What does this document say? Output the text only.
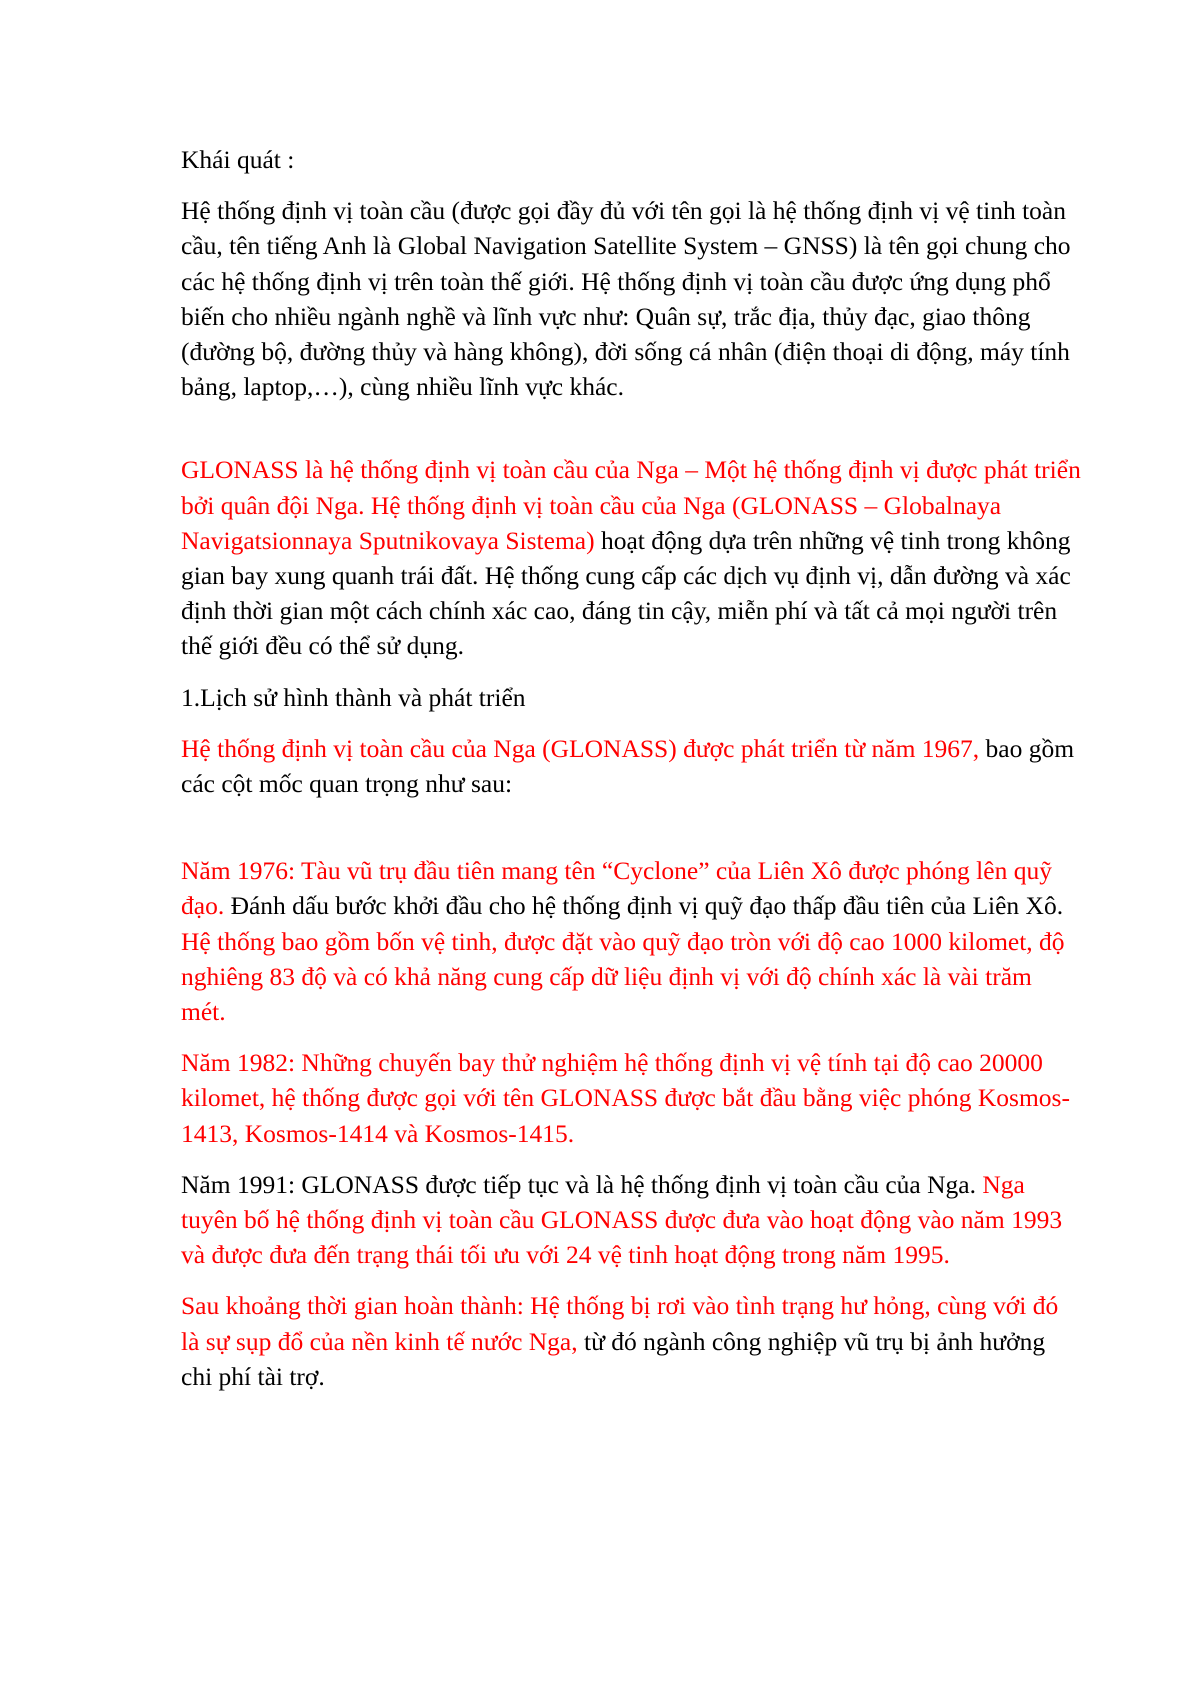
Khái quát :

Hệ thống định vị toàn cầu (được gọi đầy đủ với tên gọi là hệ thống định vị vệ tinh toàn cầu, tên tiếng Anh là Global Navigation Satellite System – GNSS) là tên gọi chung cho các hệ thống định vị trên toàn thế giới. Hệ thống định vị toàn cầu được ứng dụng phổ biến cho nhiều ngành nghề và lĩnh vực như: Quân sự, trắc địa, thủy đạc, giao thông (đường bộ, đường thủy và hàng không), đời sống cá nhân (điện thoại di động, máy tính bảng, laptop,…), cùng nhiều lĩnh vực khác.

GLONASS là hệ thống định vị toàn cầu của Nga – Một hệ thống định vị được phát triển bởi quân đội Nga. Hệ thống định vị toàn cầu của Nga (GLONASS – Globalnaya Navigatsionnaya Sputnikovaya Sistema) hoạt động dựa trên những vệ tinh trong không gian bay xung quanh trái đất. Hệ thống cung cấp các dịch vụ định vị, dẫn đường và xác định thời gian một cách chính xác cao, đáng tin cậy, miễn phí và tất cả mọi người trên thế giới đều có thể sử dụng.

1.Lịch sử hình thành và phát triển

Hệ thống định vị toàn cầu của Nga (GLONASS) được phát triển từ năm 1967, bao gồm các cột mốc quan trọng như sau:

Năm 1976: Tàu vũ trụ đầu tiên mang tên “Cyclone” của Liên Xô được phóng lên quỹ đạo. Đánh dấu bước khởi đầu cho hệ thống định vị quỹ đạo thấp đầu tiên của Liên Xô. Hệ thống bao gồm bốn vệ tinh, được đặt vào quỹ đạo tròn với độ cao 1000 kilomet, độ nghiêng 83 độ và có khả năng cung cấp dữ liệu định vị với độ chính xác là vài trăm mét.

Năm 1982: Những chuyến bay thử nghiệm hệ thống định vị vệ tính tại độ cao 20000 kilomet, hệ thống được gọi với tên GLONASS được bắt đầu bằng việc phóng Kosmos-1413, Kosmos-1414 và Kosmos-1415.

Năm 1991: GLONASS được tiếp tục và là hệ thống định vị toàn cầu của Nga. Nga tuyên bố hệ thống định vị toàn cầu GLONASS được đưa vào hoạt động vào năm 1993 và được đưa đến trạng thái tối ưu với 24 vệ tinh hoạt động trong năm 1995.

Sau khoảng thời gian hoàn thành: Hệ thống bị rơi vào tình trạng hư hỏng, cùng với đó là sự sụp đổ của nền kinh tế nước Nga, từ đó ngành công nghiệp vũ trụ bị ảnh hưởng chi phí tài trợ.
